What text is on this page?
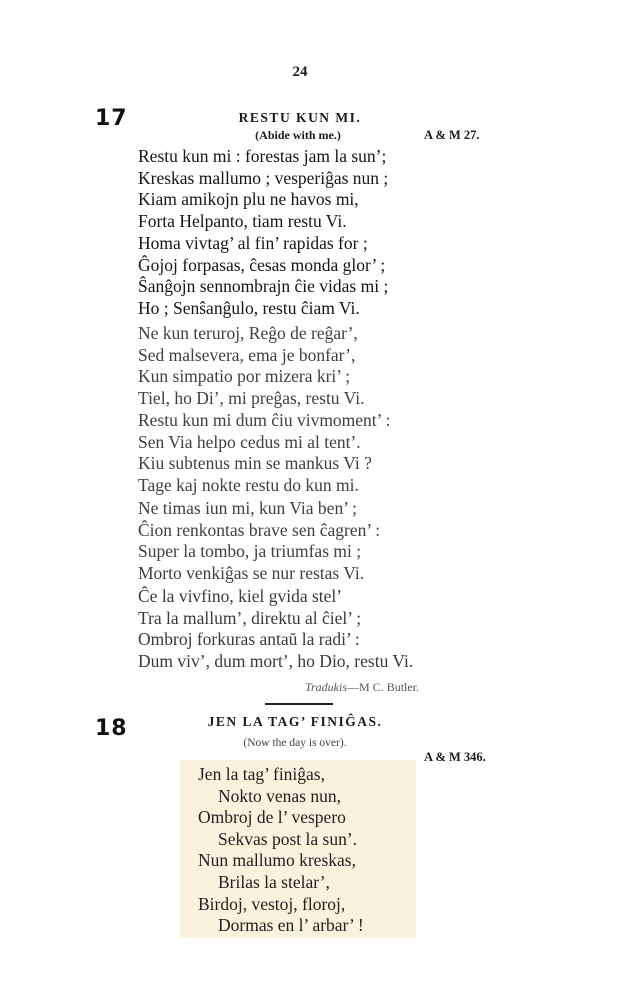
24
17	RESTU KUN MI.
(Abide with me.)	A & M 27.
Restu kun mi : forestas jam la sun’;
Kreskas mallumo ; vesperiĝas nun ;
Kiam amikojn plu ne havos mi,
Forta Helpanto, tiam restu Vi.
Homa vivtag’ al fin’ rapidas for ;
Ĝojoj forpasas, ĉesas monda glor’ ;
Ŝanĝojn sennombrajn ĉie vidas mi ;
Ho ; Senŝanĝulo, restu ĉiam Vi.
Ne kun teruroj, Reĝo de reĝar’,
Sed malsevera, ema je bonfar’,
Kun simpatio por mizera kri’ ;
Tiel, ho Di’, mi preĝas, restu Vi.
Restu kun mi dum ĉiu vivmoment’ :
Sen Via helpo cedus mi al tent’.
Kiu subtenus min se mankus Vi ?
Tage kaj nokte restu do kun mi.
Ne timas iun mi, kun Via ben’ ;
Ĉion renkontas brave sen ĉagren’ :
Super la tombo, ja triumfas mi ;
Morto venkiĝas se nur restas Vi.
Ĉe la vivfino, kiel gvida stel’
Tra la mallum’, direktu al ĉiel’ ;
Ombroj forkuras antaŭ la radi’ :
Dum viv’, dum mort’, ho Dio, restu Vi.
Tradukis—M C. Butler.
18	JEN LA TAG’ FINIĜAS.
(Now the day is over).
A & M 346.
Jen la tag’ finiĝas,
Nokto venas nun,
Ombroj de l’ vespero
Sekvas post la sun’.
Nun mallumo kreskas,
Brilas la stelar’,
Birdoj, vestoj, floroj,
Dormas en l’ arbar’ !
